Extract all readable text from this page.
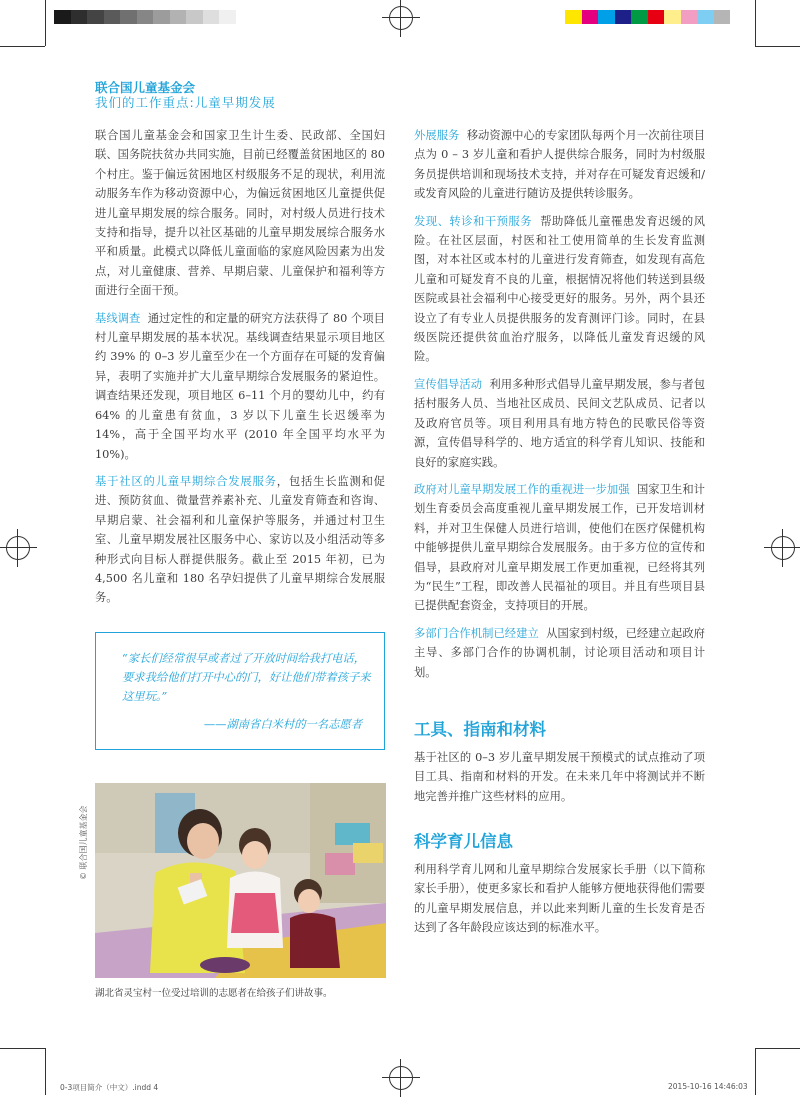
联合国儿童基金会
我们的工作重点:儿童早期发展

联合国儿童基金会和国家卫生计生委、民政部、全国妇联、国务院扶贫办共同实施，目前已经覆盖贫困地区的 80 个村庄。鉴于偏远贫困地区村级服务不足的现状，利用流动服务车作为移动资源中心，为偏远贫困地区儿童提供促进儿童早期发展的综合服务。同时，对村级人员进行技术支持和指导，提升以社区基础的儿童早期发展综合服务水平和质量。此模式以降低儿童面临的家庭风险因素为出发点，对儿童健康、营养、早期启蒙、儿童保护和福利等方面进行全面干预。

基线调查 通过定性的和定量的研究方法获得了 80 个项目村儿童早期发展的基本状况。基线调查结果显示项目地区约 39% 的 0–3 岁儿童至少在一个方面存在可疑的发育偏异，表明了实施并扩大儿童早期综合发展服务的紧迫性。调查结果还发现，项目地区 6–11 个月的婴幼儿中，约有 64% 的儿童患有贫血，3 岁以下儿童生长迟缓率为 14%，高于全国平均水平 (2010 年全国平均水平为 10%)。

基于社区的儿童早期综合发展服务，包括生长监测和促进、预防贫血、微量营养素补充、儿童发育筛查和咨询、早期启蒙、社会福利和儿童保护等服务，并通过村卫生室、儿童早期发展社区服务中心、家访以及小组活动等多种形式向目标人群提供服务。截止至 2015 年初，已为 4,500 名儿童和 180 名孕妇提供了儿童早期综合发展服务。

“家长们经常很早或者过了开放时间给我打电话，要求我给他们打开中心的门，好让他们带着孩子来这里玩。”
——湖南省白米村的一名志愿者
© 联合国儿童基金会
湖北省灵宝村一位受过培训的志愿者在给孩子们讲故事。

外展服务 移动资源中心的专家团队每两个月一次前往项目点为 0 – 3 岁儿童和看护人提供综合服务，同时为村级服务员提供培训和现场技术支持，并对存在可疑发育迟缓和/或发育风险的儿童进行随访及提供转诊服务。

发现、转诊和干预服务 帮助降低儿童罹患发育迟缓的风险。在社区层面，村医和社工使用简单的生长发育监测图，对本社区或本村的儿童进行发育筛查，如发现有高危儿童和可疑发育不良的儿童，根据情况将他们转送到县级医院或县社会福利中心接受更好的服务。另外，两个县还设立了有专业人员提供服务的发育测评门诊。同时，在县级医院还提供贫血治疗服务，以降低儿童发育迟缓的风险。

宣传倡导活动 利用多种形式倡导儿童早期发展，参与者包括村服务人员、当地社区成员、民间文艺队成员、记者以及政府官员等。项目利用具有地方特色的民歌民俗等资源，宣传倡导科学的、地方适宜的科学育儿知识、技能和良好的家庭实践。

政府对儿童早期发展工作的重视进一步加强 国家卫生和计划生育委员会高度重视儿童早期发展工作，已开发培训材料，并对卫生保健人员进行培训，使他们在医疗保健机构中能够提供儿童早期综合发展服务。由于多方位的宣传和倡导，县政府对儿童早期发展工作更加重视，已经将其列为“民生”工程，即改善人民福祉的项目。并且有些项目县已提供配套资金，支持项目的开展。

多部门合作机制已经建立 从国家到村级，已经建立起政府主导、多部门合作的协调机制，讨论项目活动和项目计划。

工具、指南和材料
基于社区的 0–3 岁儿童早期发展干预模式的试点推动了项目工具、指南和材料的开发。在未来几年中将测试并不断地完善并推广这些材料的应用。
科学育儿信息
利用科学育儿网和儿童早期综合发展家长手册（以下简称家长手册），使更多家长和看护人能够方便地获得他们需要的儿童早期发展信息，并以此来判断儿童的生长发育是否达到了各年龄段应该达到的标准水平。
0-3项目简介（中文）.indd 4	2015-10-16 14:46:03
